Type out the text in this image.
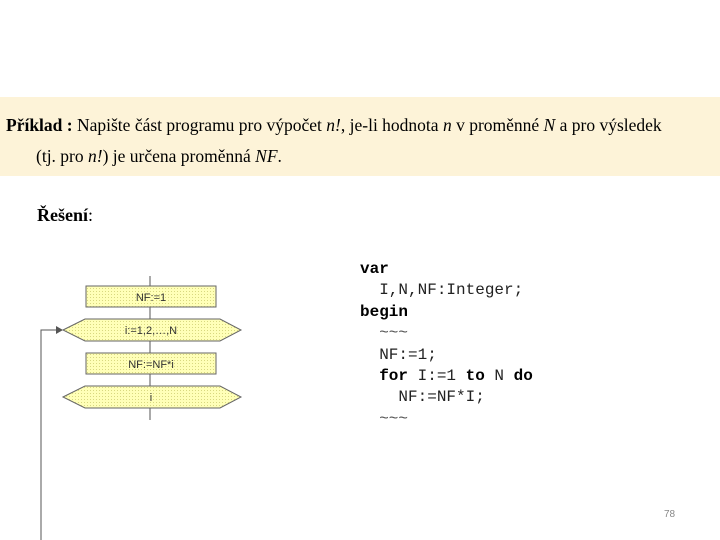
Příklad : Napište část programu pro výpočet n!, je-li hodnota n v proměnné N a pro výsledek
(tj. pro n!) je určena proměnná NF.
Řešení:
NF:=1
i:=1,2,…,N
NF:=NF*i
i
var
I,N,NF:Integer;
begin
~~~
NF:=1;
for I:=1 to N do
NF:=NF*I;
~~~
78
